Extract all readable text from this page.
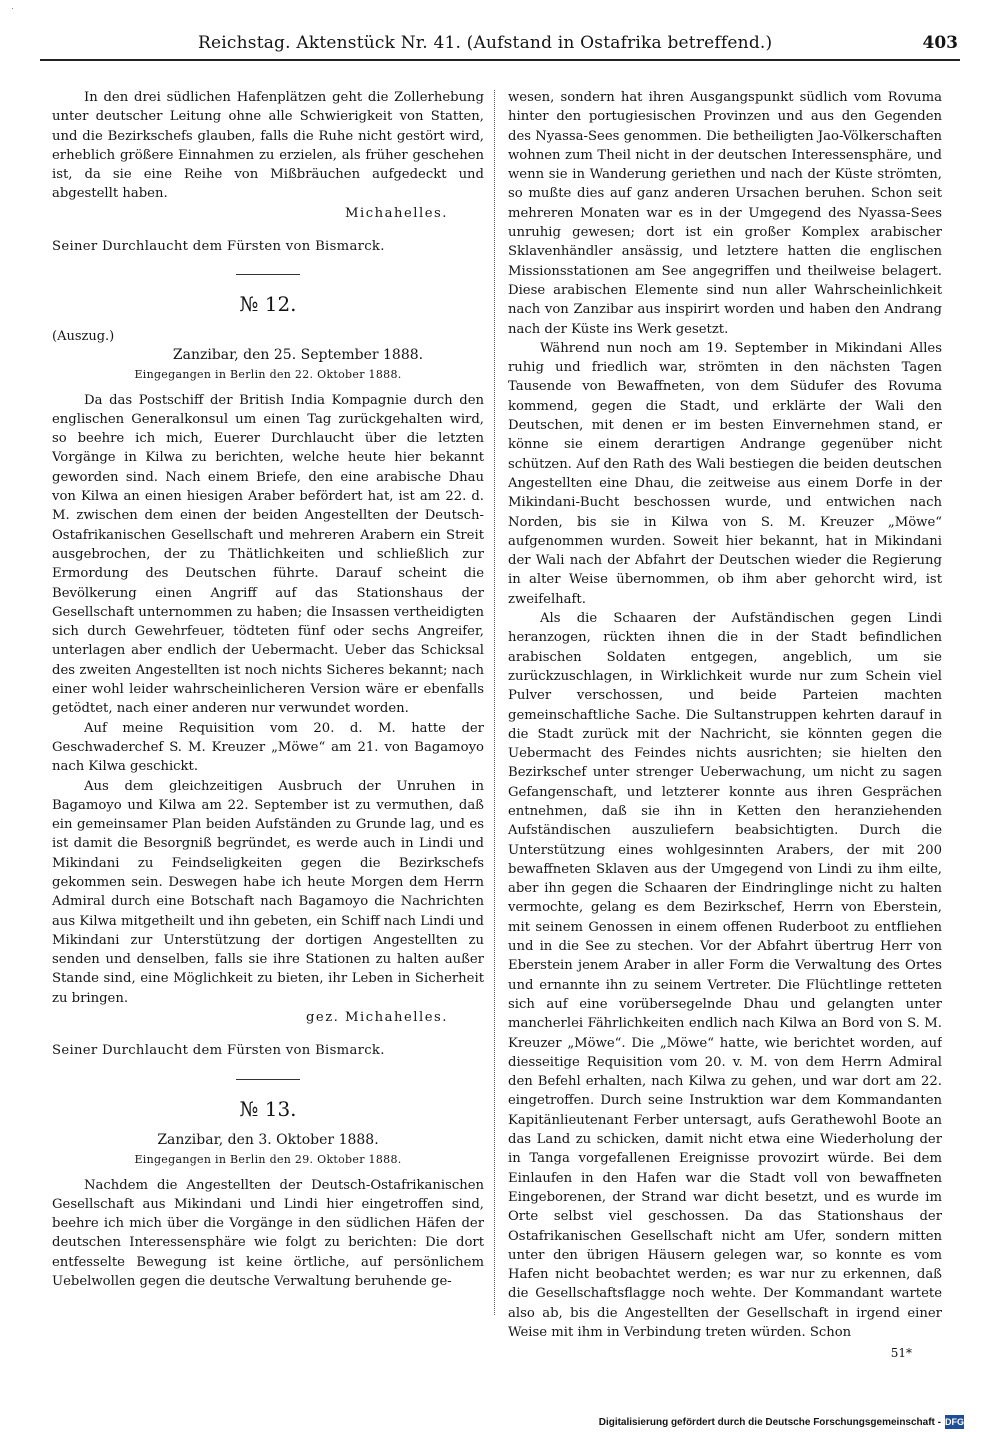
Reichstag. Aktenstück Nr. 41. (Aufstand in Ostafrika betreffend.)	403

In den drei südlichen Hafenplätzen geht die Zollerhebung unter deutscher Leitung ohne alle Schwierigkeit von Statten, und die Bezirkschefs glauben, falls die Ruhe nicht gestört wird, erheblich größere Einnahmen zu erzielen, als früher geschehen ist, da sie eine Reihe von Mißbräuchen aufgedeckt und abgestellt haben.

Michahelles.

Seiner Durchlaucht dem Fürsten von Bismarck.

№ 12.
(Auszug.)
Zanzibar, den 25. September 1888.
Eingegangen in Berlin den 22. Oktober 1888.

Da das Postschiff der British India Kompagnie durch den englischen Generalkonsul um einen Tag zurückgehalten wird, so beehre ich mich, Euerer Durchlaucht über die letzten Vorgänge in Kilwa zu berichten, welche heute hier bekannt geworden sind. Nach einem Briefe, den eine arabische Dhau von Kilwa an einen hiesigen Araber befördert hat, ist am 22. d. M. zwischen dem einen der beiden Angestellten der Deutsch-Ostafrikanischen Gesellschaft und mehreren Arabern ein Streit ausgebrochen, der zu Thätlichkeiten und schließlich zur Ermordung des Deutschen führte. Darauf scheint die Bevölkerung einen Angriff auf das Stationshaus der Gesellschaft unternommen zu haben; die Insassen vertheidigten sich durch Gewehrfeuer, tödteten fünf oder sechs Angreifer, unterlagen aber endlich der Uebermacht. Ueber das Schicksal des zweiten Angestellten ist noch nichts Sicheres bekannt; nach einer wohl leider wahrscheinlicheren Version wäre er ebenfalls getödtet, nach einer anderen nur verwundet worden.

Auf meine Requisition vom 20. d. M. hatte der Geschwaderchef S. M. Kreuzer „Möwe“ am 21. von Bagamoyo nach Kilwa geschickt.

Aus dem gleichzeitigen Ausbruch der Unruhen in Bagamoyo und Kilwa am 22. September ist zu vermuthen, daß ein gemeinsamer Plan beiden Aufständen zu Grunde lag, und es ist damit die Besorgniß begründet, es werde auch in Lindi und Mikindani zu Feindseligkeiten gegen die Bezirkschefs gekommen sein. Deswegen habe ich heute Morgen dem Herrn Admiral durch eine Botschaft nach Bagamoyo die Nachrichten aus Kilwa mitgetheilt und ihn gebeten, ein Schiff nach Lindi und Mikindani zur Unterstützung der dortigen Angestellten zu senden und denselben, falls sie ihre Stationen zu halten außer Stande sind, eine Möglichkeit zu bieten, ihr Leben in Sicherheit zu bringen.

gez. Michahelles.

Seiner Durchlaucht dem Fürsten von Bismarck.

№ 13.
Zanzibar, den 3. Oktober 1888.
Eingegangen in Berlin den 29. Oktober 1888.

Nachdem die Angestellten der Deutsch-Ostafrikanischen Gesellschaft aus Mikindani und Lindi hier eingetroffen sind, beehre ich mich über die Vorgänge in den südlichen Häfen der deutschen Interessensphäre wie folgt zu berichten: Die dort entfesselte Bewegung ist keine örtliche, auf persönlichem Uebelwollen gegen die deutsche Verwaltung beruhende ge-

wesen, sondern hat ihren Ausgangspunkt südlich vom Rovuma hinter den portugiesischen Provinzen und aus den Gegenden des Nyassa-Sees genommen. Die betheiligten Jao-Völkerschaften wohnen zum Theil nicht in der deutschen Interessensphäre, und wenn sie in Wanderung geriethen und nach der Küste strömten, so mußte dies auf ganz anderen Ursachen beruhen. Schon seit mehreren Monaten war es in der Umgegend des Nyassa-Sees unruhig gewesen; dort ist ein großer Komplex arabischer Sklavenhändler ansässig, und letztere hatten die englischen Missionsstationen am See angegriffen und theilweise belagert. Diese arabischen Elemente sind nun aller Wahrscheinlichkeit nach von Zanzibar aus inspirirt worden und haben den Andrang nach der Küste ins Werk gesetzt.

Während nun noch am 19. September in Mikindani Alles ruhig und friedlich war, strömten in den nächsten Tagen Tausende von Bewaffneten, von dem Südufer des Rovuma kommend, gegen die Stadt, und erklärte der Wali den Deutschen, mit denen er im besten Einvernehmen stand, er könne sie einem derartigen Andrange gegenüber nicht schützen. Auf den Rath des Wali bestiegen die beiden deutschen Angestellten eine Dhau, die zeitweise aus einem Dorfe in der Mikindani-Bucht beschossen wurde, und entwichen nach Norden, bis sie in Kilwa von S. M. Kreuzer „Möwe“ aufgenommen wurden. Soweit hier bekannt, hat in Mikindani der Wali nach der Abfahrt der Deutschen wieder die Regierung in alter Weise übernommen, ob ihm aber gehorcht wird, ist zweifelhaft.

Als die Schaaren der Aufständischen gegen Lindi heranzogen, rückten ihnen die in der Stadt befindlichen arabischen Soldaten entgegen, angeblich, um sie zurückzuschlagen, in Wirklichkeit wurde nur zum Schein viel Pulver verschossen, und beide Parteien machten gemeinschaftliche Sache. Die Sultanstruppen kehrten darauf in die Stadt zurück mit der Nachricht, sie könnten gegen die Uebermacht des Feindes nichts ausrichten; sie hielten den Bezirkschef unter strenger Ueberwachung, um nicht zu sagen Gefangenschaft, und letzterer konnte aus ihren Gesprächen entnehmen, daß sie ihn in Ketten den heranziehenden Aufständischen auszuliefern beabsichtigten. Durch die Unterstützung eines wohlgesinnten Arabers, der mit 200 bewaffneten Sklaven aus der Umgegend von Lindi zu ihm eilte, aber ihn gegen die Schaaren der Eindringlinge nicht zu halten vermochte, gelang es dem Bezirkschef, Herrn von Eberstein, mit seinem Genossen in einem offenen Ruderboot zu entfliehen und in die See zu stechen. Vor der Abfahrt übertrug Herr von Eberstein jenem Araber in aller Form die Verwaltung des Ortes und ernannte ihn zu seinem Vertreter. Die Flüchtlinge retteten sich auf eine vorübersegelnde Dhau und gelangten unter mancherlei Fährlichkeiten endlich nach Kilwa an Bord von S. M. Kreuzer „Möwe“. Die „Möwe“ hatte, wie berichtet worden, auf diesseitige Requisition vom 20. v. M. von dem Herrn Admiral den Befehl erhalten, nach Kilwa zu gehen, und war dort am 22. eingetroffen. Durch seine Instruktion war dem Kommandanten Kapitänlieutenant Ferber untersagt, aufs Gerathewohl Boote an das Land zu schicken, damit nicht etwa eine Wiederholung der in Tanga vorgefallenen Ereignisse provozirt würde. Bei dem Einlaufen in den Hafen war die Stadt voll von bewaffneten Eingeborenen, der Strand war dicht besetzt, und es wurde im Orte selbst viel geschossen. Da das Stationshaus der Ostafrikanischen Gesellschaft nicht am Ufer, sondern mitten unter den übrigen Häusern gelegen war, so konnte es vom Hafen nicht beobachtet werden; es war nur zu erkennen, daß die Gesellschaftsflagge noch wehte. Der Kommandant wartete also ab, bis die Angestellten der Gesellschaft in irgend einer Weise mit ihm in Verbindung treten würden. Schon

51*
Digitalisierung gefördert durch die Deutsche Forschungsgemeinschaft - DFG
